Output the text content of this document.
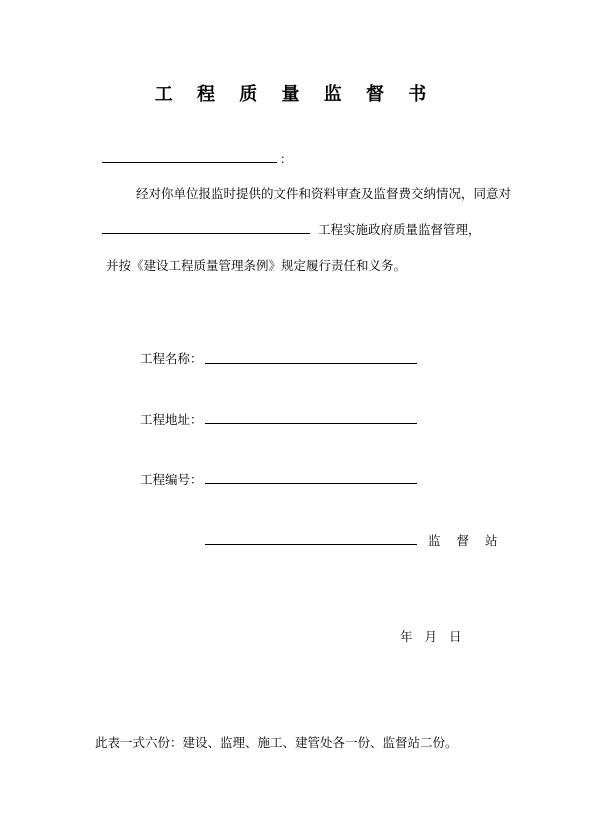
工 程 质 量 监 督 书
：
经对你单位报监时提供的文件和资料审查及监督费交纳情况，同意对
工程实施政府质量监督管理，
并按《建设工程质量管理条例》规定履行责任和义务。
工程名称：
工程地址：
工程编号：
监 督 站
年 月 日
此表一式六份：建设、监理、施工、建管处各一份、监督站二份。
